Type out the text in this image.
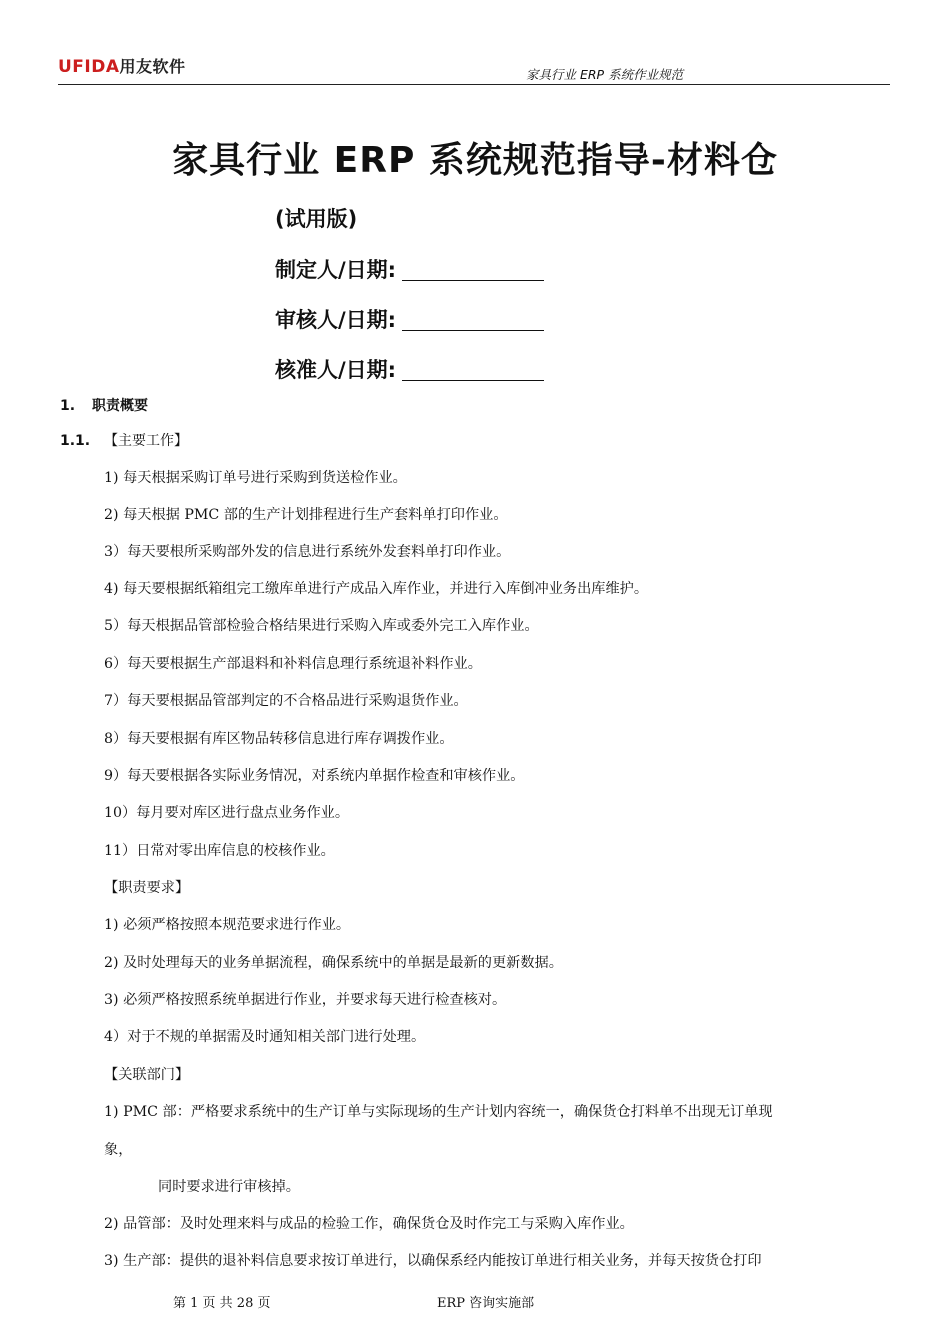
UFIDA用友软件	家具行业 ERP 系统作业规范
家具行业 ERP 系统规范指导-材料仓
(试用版)
制定人/日期:
审核人/日期:
核准人/日期:
1. 职责概要
1.1. 【主要工作】
1) 每天根据采购订单号进行采购到货送检作业。
2) 每天根据 PMC 部的生产计划排程进行生产套料单打印作业。
3）每天要根所采购部外发的信息进行系统外发套料单打印作业。
4) 每天要根据纸箱组完工缴库单进行产成品入库作业，并进行入库倒冲业务出库维护。
5）每天根据品管部检验合格结果进行采购入库或委外完工入库作业。
6）每天要根据生产部退料和补料信息理行系统退补料作业。
7）每天要根据品管部判定的不合格品进行采购退货作业。
8）每天要根据有库区物品转移信息进行库存调拨作业。
9）每天要根据各实际业务情况，对系统内单据作检查和审核作业。
10）每月要对库区进行盘点业务作业。
11）日常对零出库信息的校核作业。
【职责要求】
1) 必须严格按照本规范要求进行作业。
2) 及时处理每天的业务单据流程，确保系统中的单据是最新的更新数据。
3) 必须严格按照系统单据进行作业，并要求每天进行检查核对。
4）对于不规的单据需及时通知相关部门进行处理。
【关联部门】
1) PMC 部：严格要求系统中的生产订单与实际现场的生产计划内容统一，确保货仓打料单不出现无订单现
象，
同时要求进行审核掉。
2) 品管部：及时处理来料与成品的检验工作，确保货仓及时作完工与采购入库作业。
3) 生产部：提供的退补料信息要求按订单进行，以确保系经内能按订单进行相关业务，并每天按货仓打印
第 1 页 共 28 页	ERP 咨询实施部
